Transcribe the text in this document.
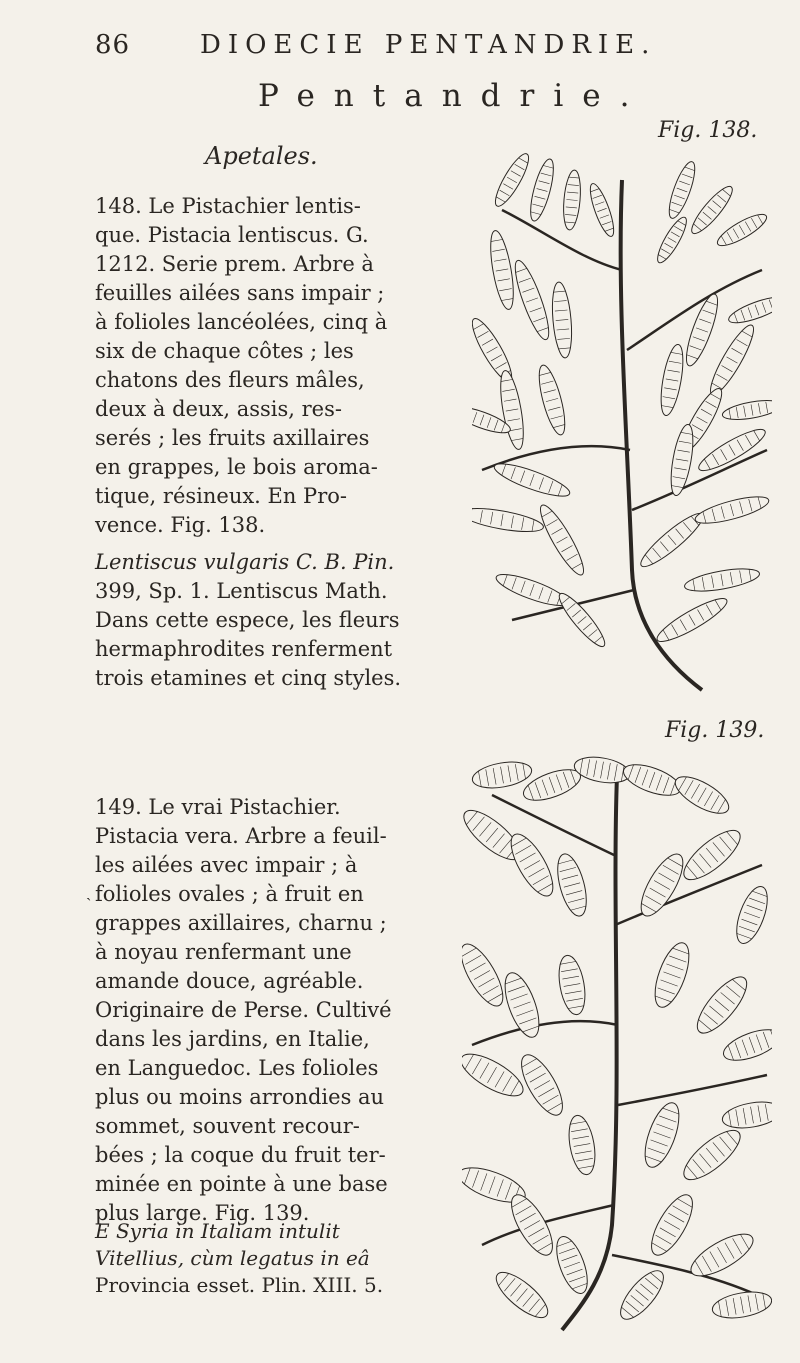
86	DIOECIE PENTANDRIE.
Pentandrie.
Apetales.
Fig. 138.
Fig. 139.
148. Le Pistachier lentis-
que. Pistacia lentiscus. G.
1212. Serie prem. Arbre à
feuilles ailées sans impair ;
à folioles lancéolées, cinq à
six de chaque côtes ; les
chatons des fleurs mâles,
deux à deux, assis, res-
serés ; les fruits axillaires
en grappes, le bois aroma-
tique, résineux. En Pro-
vence. Fig. 138.
Lentiscus vulgaris C. B. Pin.
399, Sp. 1. Lentiscus Math.
Dans cette espece, les fleurs
hermaphrodites renferment
trois etamines et cinq styles.
ˎ
149. Le vrai Pistachier.
Pistacia vera. Arbre a feuil-
les ailées avec impair ; à
folioles ovales ; à fruit en
grappes axillaires, charnu ;
à noyau renfermant une
amande douce, agréable.
Originaire de Perse. Cultivé
dans les jardins, en Italie,
en Languedoc. Les folioles
plus ou moins arrondies au
sommet, souvent recour-
bées ; la coque du fruit ter-
minée en pointe à une base
plus large. Fig. 139.
E Syria in Italiam intulit
Vitellius, cùm legatus in eâ
Provincia esset. Plin. XIII. 5.
